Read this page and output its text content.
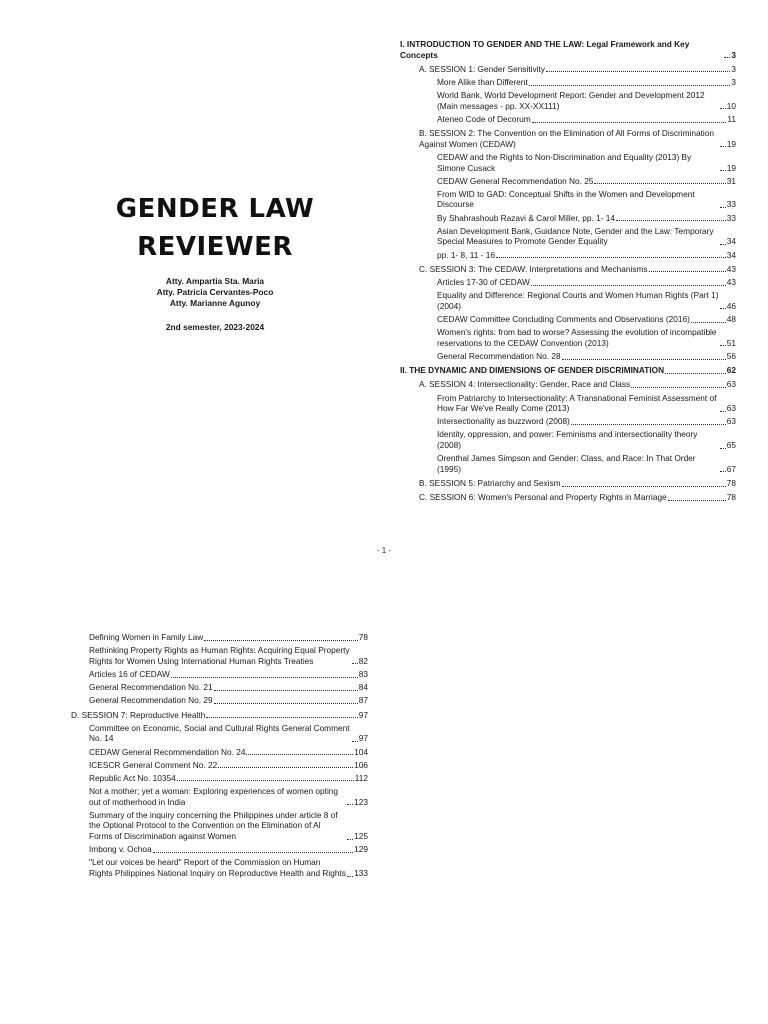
GENDER LAW
REVIEWER
Atty. Ampartia Sta. Maria
Atty. Patricia Cervantes-Poco
Atty. Marianne Agunoy
2nd semester, 2023-2024
I. INTRODUCTION TO GENDER AND THE LAW: Legal Framework and Key Concepts	3
A. SESSION 1: Gender Sensitivity	3
More Alike than Different	3
World Bank, World Development Report: Gender and Development 2012 (Main messages - pp. XX-XX111)	10
Ateneo Code of Decorum	11
B. SESSION 2: The Convention on the Elimination of All Forms of Discrimination Against Women (CEDAW)	19
CEDAW and the Rights to Non-Discrimination and Equality (2013) By Simone Cusack	19
CEDAW General Recommendation No. 25	31
From WID to GAD: Conceptual Shifts in the Women and Development Discourse	33
By Shahrashoub Razavi & Carol Miller, pp. 1- 14	33
Asian Development Bank, Guidance Note, Gender and the Law: Temporary Special Measures to Promote Gender Equality	34
pp. 1- 8, 11 - 16	34
C. SESSION 3: The CEDAW: Interpretations and Mechanisms	43
Articles 17-30 of CEDAW	43
Equality and Difference: Regional Courts and Women Human Rights (Part 1) (2004)	46
CEDAW Committee Concluding Comments and Observations (2016)	48
Women's rights: from bad to worse? Assessing the evolution of incompatible reservations to the CEDAW Convention (2013)	51
General Recommendation No. 28	56
II. THE DYNAMIC AND DIMENSIONS OF GENDER DISCRIMINATION	62
A. SESSION 4: Intersectionality: Gender, Race and Class	63
From Patriarchy to Intersectionality: A Transnational Feminist Assessment of How Far We've Really Come (2013)	63
Intersectionality as buzzword (2008)	63
Identity, oppression, and power: Feminisms and intersectionality theory (2008)	65
Orenthal James Simpson and Gender; Class, and Race: In That Order (1995)	67
B. SESSION 5: Patriarchy and Sexism	78
C. SESSION 6: Women's Personal and Property Rights in Marriage	78
- 1 -
Defining Women in Family Law	78
Rethinking Property Rights as Human Rights: Acquiring Equal Property Rights for Women Using International Human Rights Treaties	82
Articles 16 of CEDAW	83
General Recommendation No. 21	84
General Recommendation No. 29	87
D. SESSION 7: Reproductive Health	97
Committee on Economic, Social and Cultural Rights General Comment No. 14	97
CEDAW General Recommendation No. 24	104
ICESCR General Comment No. 22	106
Republic Act No. 10354	112
Not a mother; yet a woman: Exploring experiences of women opting out of motherhood in India	123
Summary of the inquiry concerning the Philippines under article 8 of the Optional Protocol to the Convention on the Elimination of Al Forms of Discrimination against Women	125
Imbong v. Ochoa	129
"Let our voices be heard" Report of the Commission on Human Rights Philippines National Inquiry on Reproductive Health and Rights 133
